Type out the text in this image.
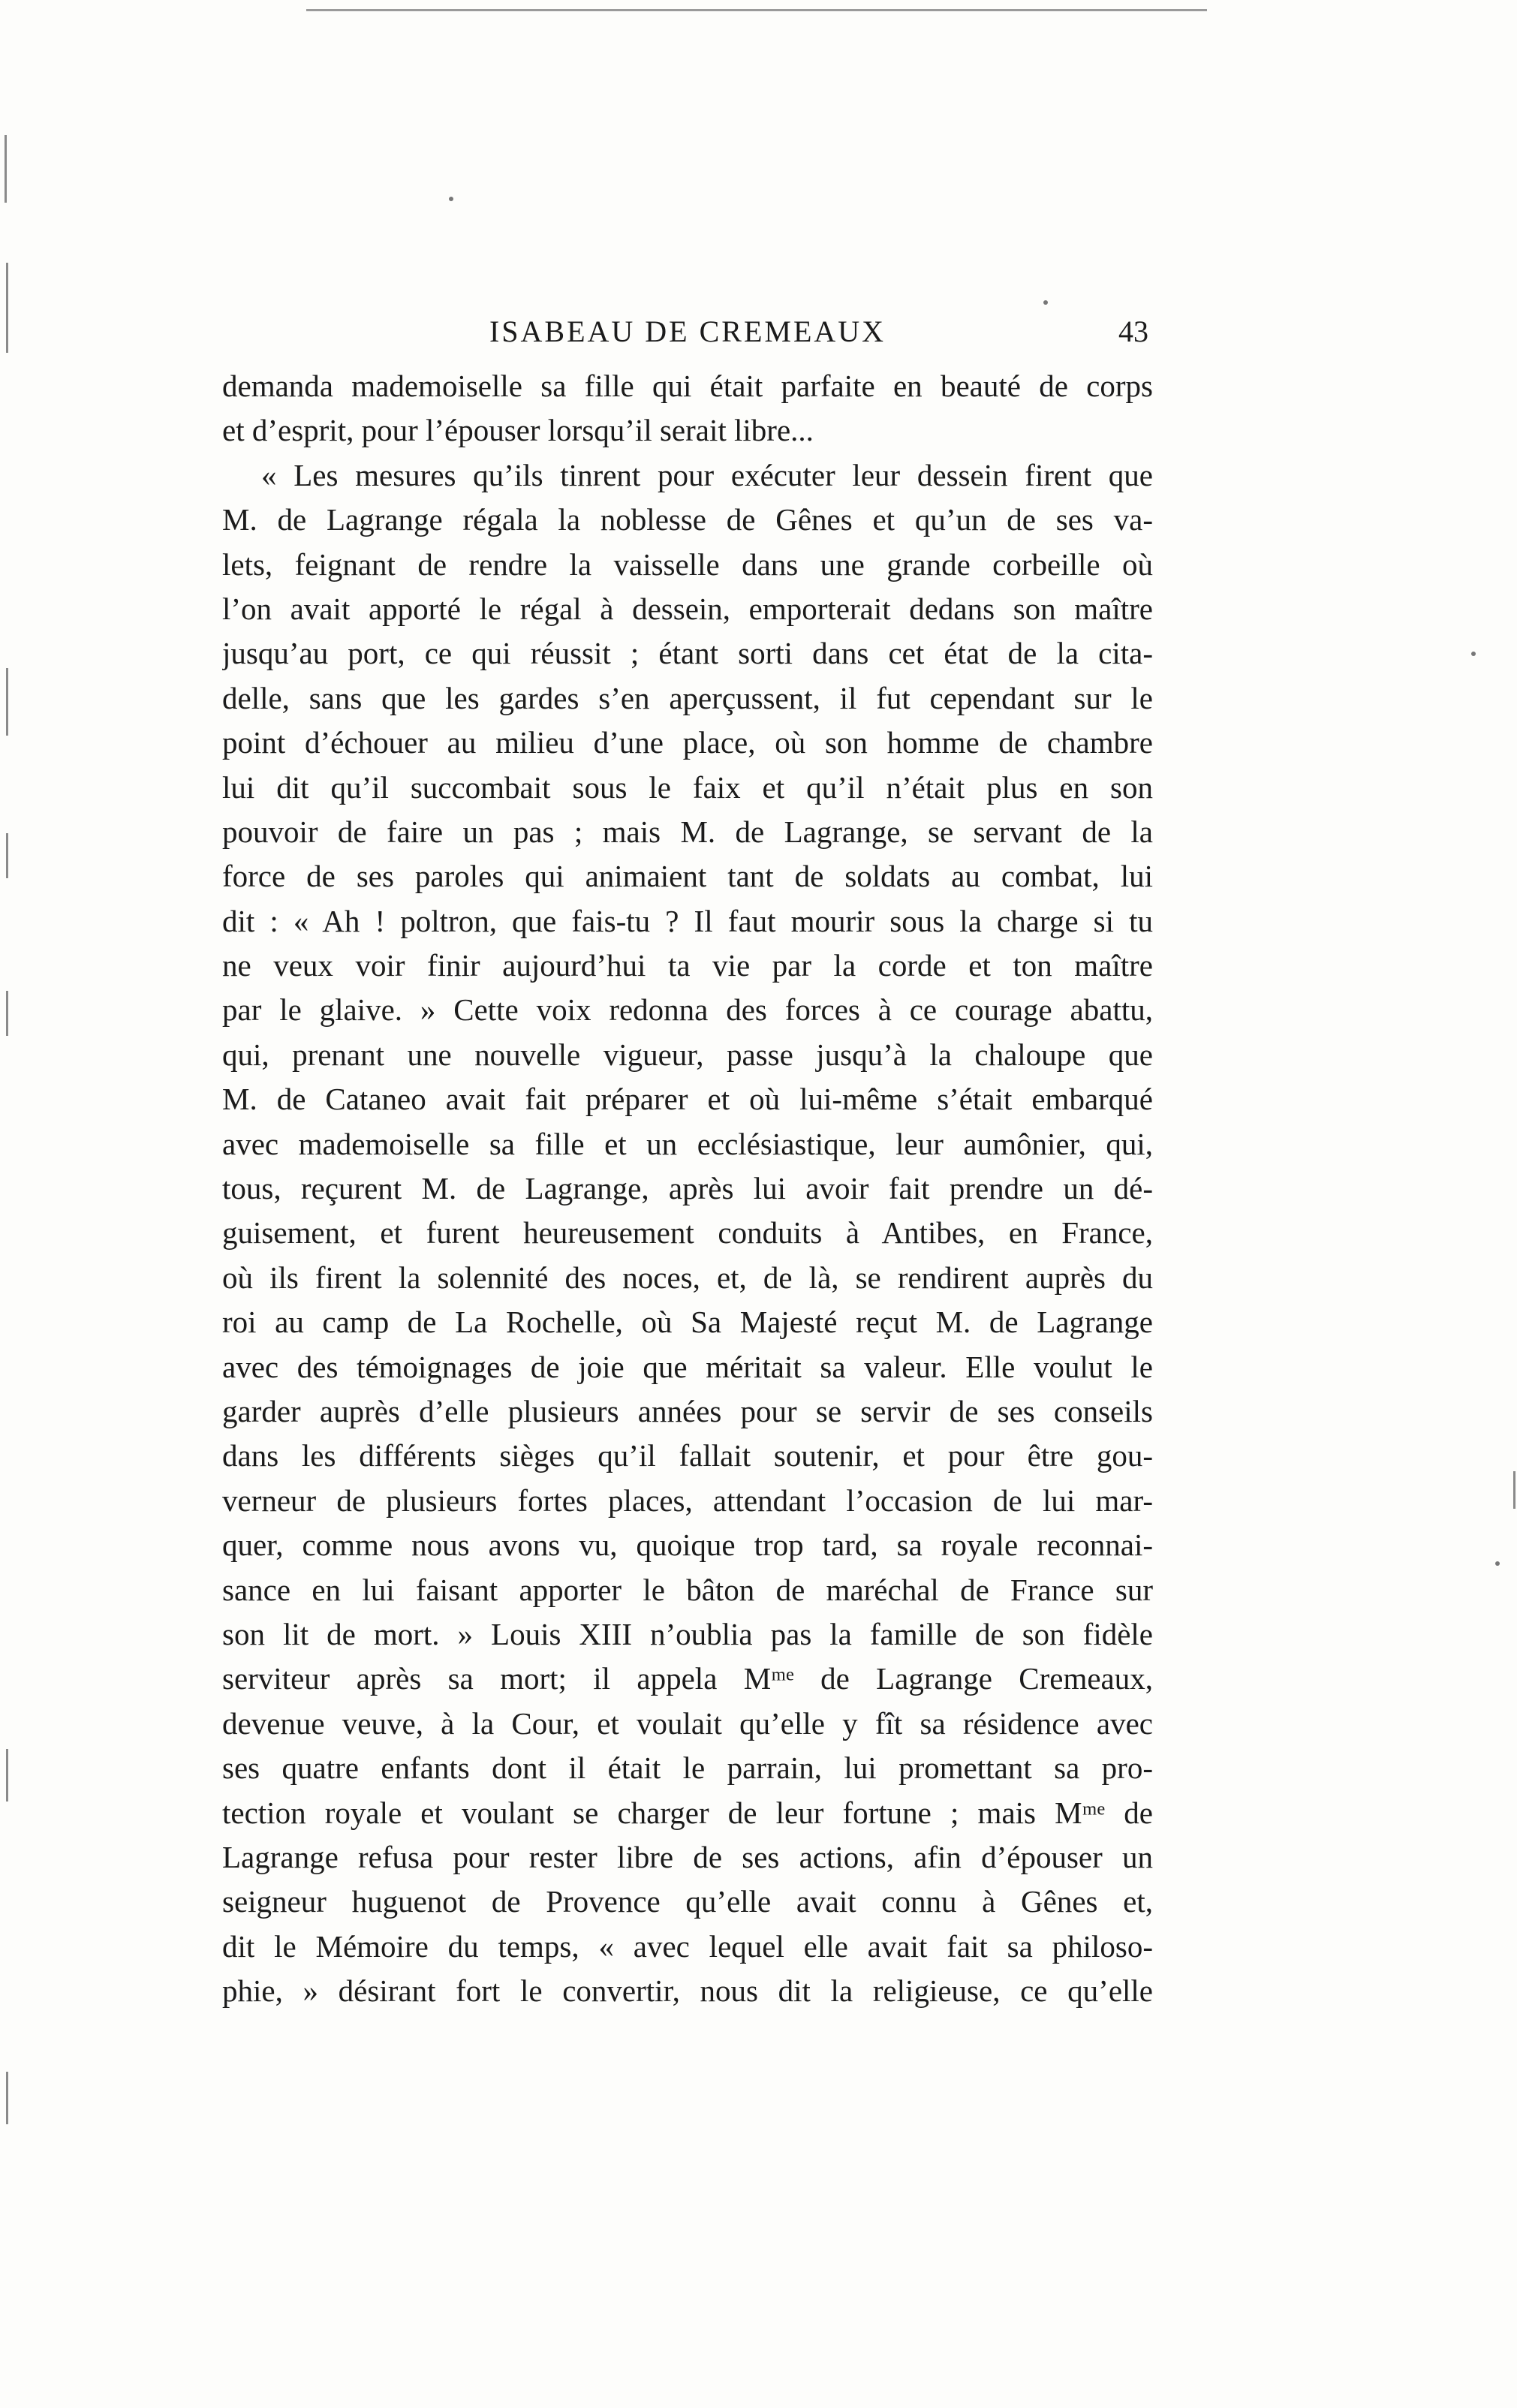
ISABEAU DE CREMEAUX	43
demanda mademoiselle sa fille qui était parfaite en beauté de corps
et d’esprit, pour l’épouser lorsqu’il serait libre...
« Les mesures qu’ils tinrent pour exécuter leur dessein firent que
M. de Lagrange régala la noblesse de Gênes et qu’un de ses va-
lets, feignant de rendre la vaisselle dans une grande corbeille où
l’on avait apporté le régal à dessein, emporterait dedans son maître
jusqu’au port, ce qui réussit ; étant sorti dans cet état de la cita-
delle, sans que les gardes s’en aperçussent, il fut cependant sur le
point d’échouer au milieu d’une place, où son homme de chambre
lui dit qu’il succombait sous le faix et qu’il n’était plus en son
pouvoir de faire un pas ; mais M. de Lagrange, se servant de la
force de ses paroles qui animaient tant de soldats au combat, lui
dit : « Ah ! poltron, que fais-tu ? Il faut mourir sous la charge si tu
ne veux voir finir aujourd’hui ta vie par la corde et ton maître
par le glaive. » Cette voix redonna des forces à ce courage abattu,
qui, prenant une nouvelle vigueur, passe jusqu’à la chaloupe que
M. de Cataneo avait fait préparer et où lui-même s’était embarqué
avec mademoiselle sa fille et un ecclésiastique, leur aumônier, qui,
tous, reçurent M. de Lagrange, après lui avoir fait prendre un dé-
guisement, et furent heureusement conduits à Antibes, en France,
où ils firent la solennité des noces, et, de là, se rendirent auprès du
roi au camp de La Rochelle, où Sa Majesté reçut M. de Lagrange
avec des témoignages de joie que méritait sa valeur. Elle voulut le
garder auprès d’elle plusieurs années pour se servir de ses conseils
dans les différents sièges qu’il fallait soutenir, et pour être gou-
verneur de plusieurs fortes places, attendant l’occasion de lui mar-
quer, comme nous avons vu, quoique trop tard, sa royale reconnai-
sance en lui faisant apporter le bâton de maréchal de France sur
son lit de mort. » Louis XIII n’oublia pas la famille de son fidèle
serviteur après sa mort; il appela Mᵐᵉ de Lagrange Cremeaux,
devenue veuve, à la Cour, et voulait qu’elle y fît sa résidence avec
ses quatre enfants dont il était le parrain, lui promettant sa pro-
tection royale et voulant se charger de leur fortune ; mais Mᵐᵉ de
Lagrange refusa pour rester libre de ses actions, afin d’épouser un
seigneur huguenot de Provence qu’elle avait connu à Gênes et,
dit le Mémoire du temps, « avec lequel elle avait fait sa philoso-
phie, » désirant fort le convertir, nous dit la religieuse, ce qu’elle
